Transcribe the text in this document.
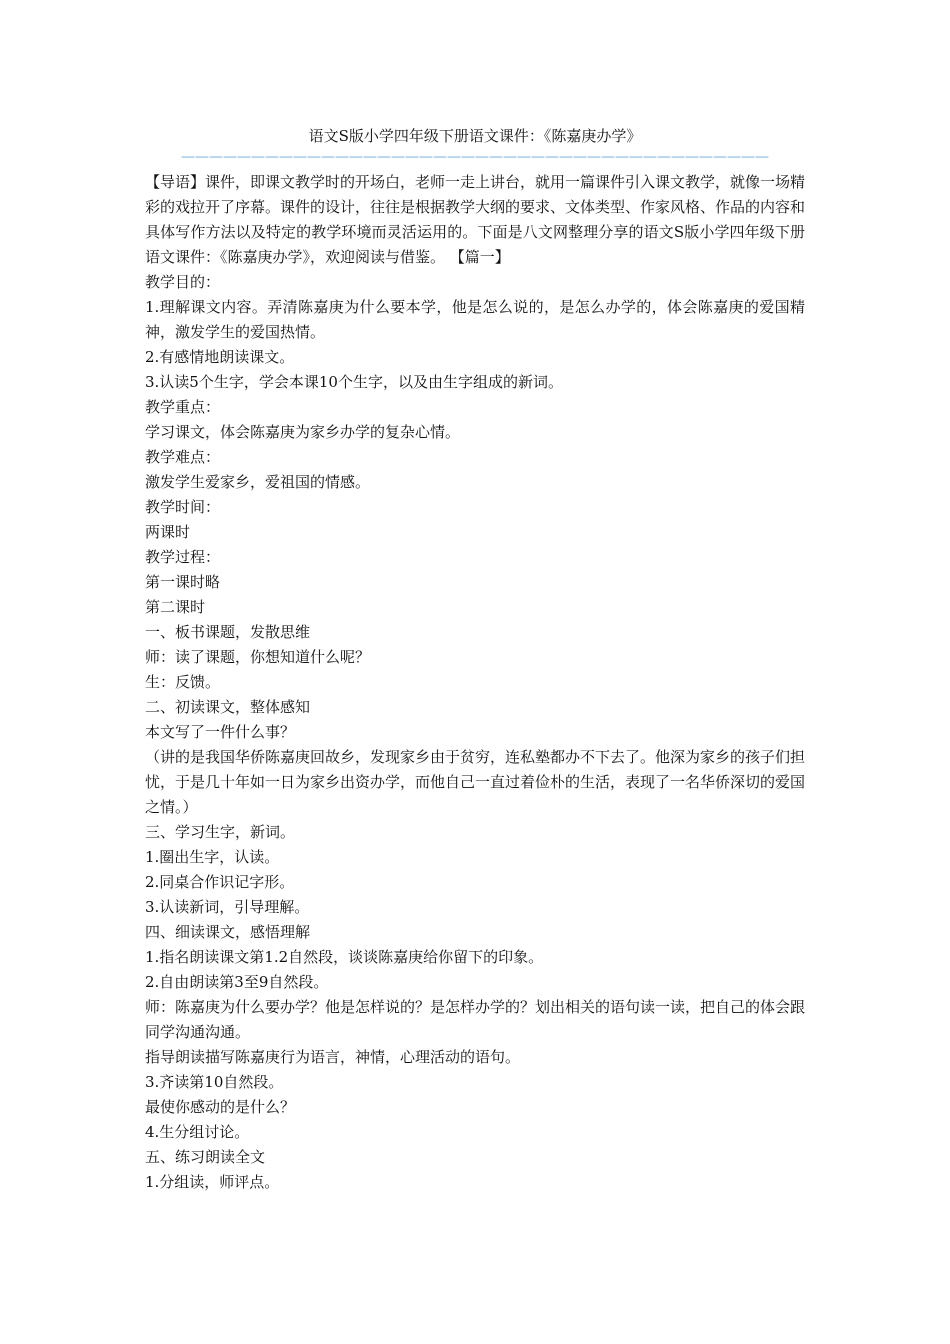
语文S版小学四年级下册语文课件：《陈嘉庚办学》
——————————————————————————————————————————

【导语】课件，即课文教学时的开场白，老师一走上讲台，就用一篇课件引入课文教学，就像一场精彩的戏拉开了序幕。课件的设计，往往是根据教学大纲的要求、文体类型、作家风格、作品的内容和具体写作方法以及特定的教学环境而灵活运用的。下面是八文网整理分享的语文S版小学四年级下册语文课件：《陈嘉庚办学》，欢迎阅读与借鉴。 【篇一】

教学目的：

1.理解课文内容。弄清陈嘉庚为什么要本学，他是怎么说的，是怎么办学的，体会陈嘉庚的爱国精神，激发学生的爱国热情。

2.有感情地朗读课文。

3.认读5个生字，学会本课10个生字，以及由生字组成的新词。

教学重点：

学习课文，体会陈嘉庚为家乡办学的复杂心情。

教学难点：

激发学生爱家乡，爱祖国的情感。

教学时间：

两课时

教学过程：

第一课时略

第二课时

一、板书课题，发散思维

师：读了课题，你想知道什么呢？

生：反馈。

二、初读课文，整体感知

本文写了一件什么事？

（讲的是我国华侨陈嘉庚回故乡，发现家乡由于贫穷，连私塾都办不下去了。他深为家乡的孩子们担忧，于是几十年如一日为家乡出资办学，而他自己一直过着俭朴的生活，表现了一名华侨深切的爱国之情。）

三、学习生字，新词。

1.圈出生字，认读。

2.同桌合作识记字形。

3.认读新词，引导理解。

四、细读课文，感悟理解

1.指名朗读课文第1.2自然段，谈谈陈嘉庚给你留下的印象。

2.自由朗读第3至9自然段。

师：陈嘉庚为什么要办学？他是怎样说的？是怎样办学的？划出相关的语句读一读，把自己的体会跟同学沟通沟通。

指导朗读描写陈嘉庚行为语言，神情，心理活动的语句。

3.齐读第10自然段。

最使你感动的是什么？

4.生分组讨论。

五、练习朗读全文

1.分组读，师评点。
